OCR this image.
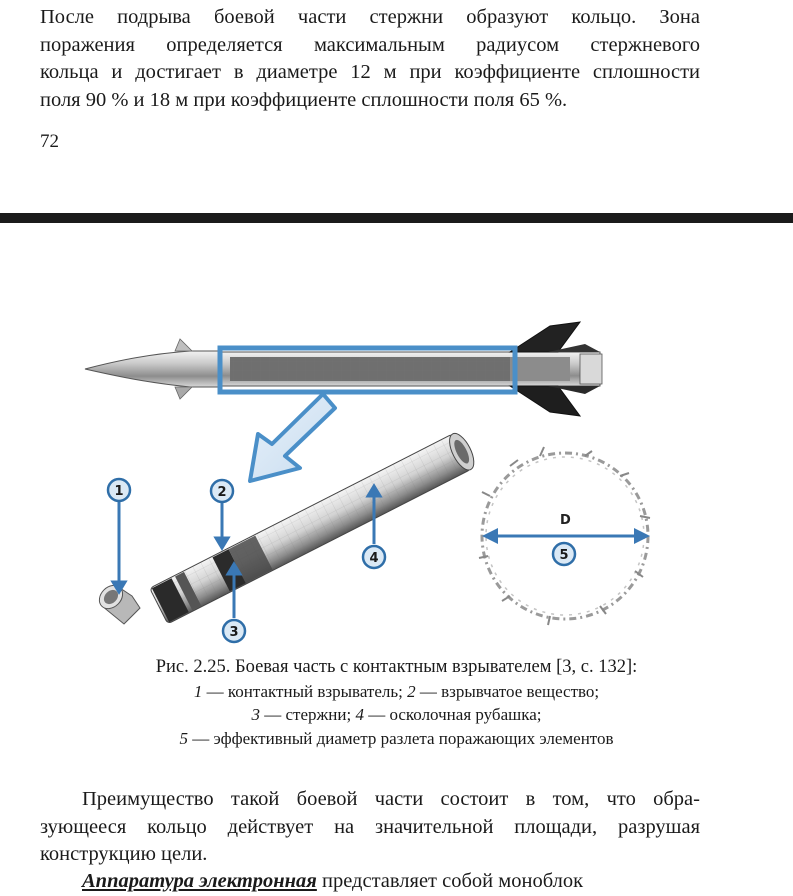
После подрыва боевой части стержни образуют кольцо. Зона
поражения определяется максимальным радиусом стержневого
кольца и достигает в диаметре 12 м при коэффициенте сплошности
поля 90 % и 18 м при коэффициенте сплошности поля 65 %.
72
D
1	2
3
4	5
Рис. 2.25. Боевая часть с контактным взрывателем [3, с. 132]:
1 — контактный взрыватель; 2 — взрывчатое вещество;
3 — стержни; 4 — осколочная рубашка;
5 — эффективный диаметр разлета поражающих элементов
Преимущество такой боевой части состоит в том, что обра-
зующееся кольцо действует на значительной площади, разрушая
конструкцию цели.
Аппаратура электронная представляет собой моноблок
